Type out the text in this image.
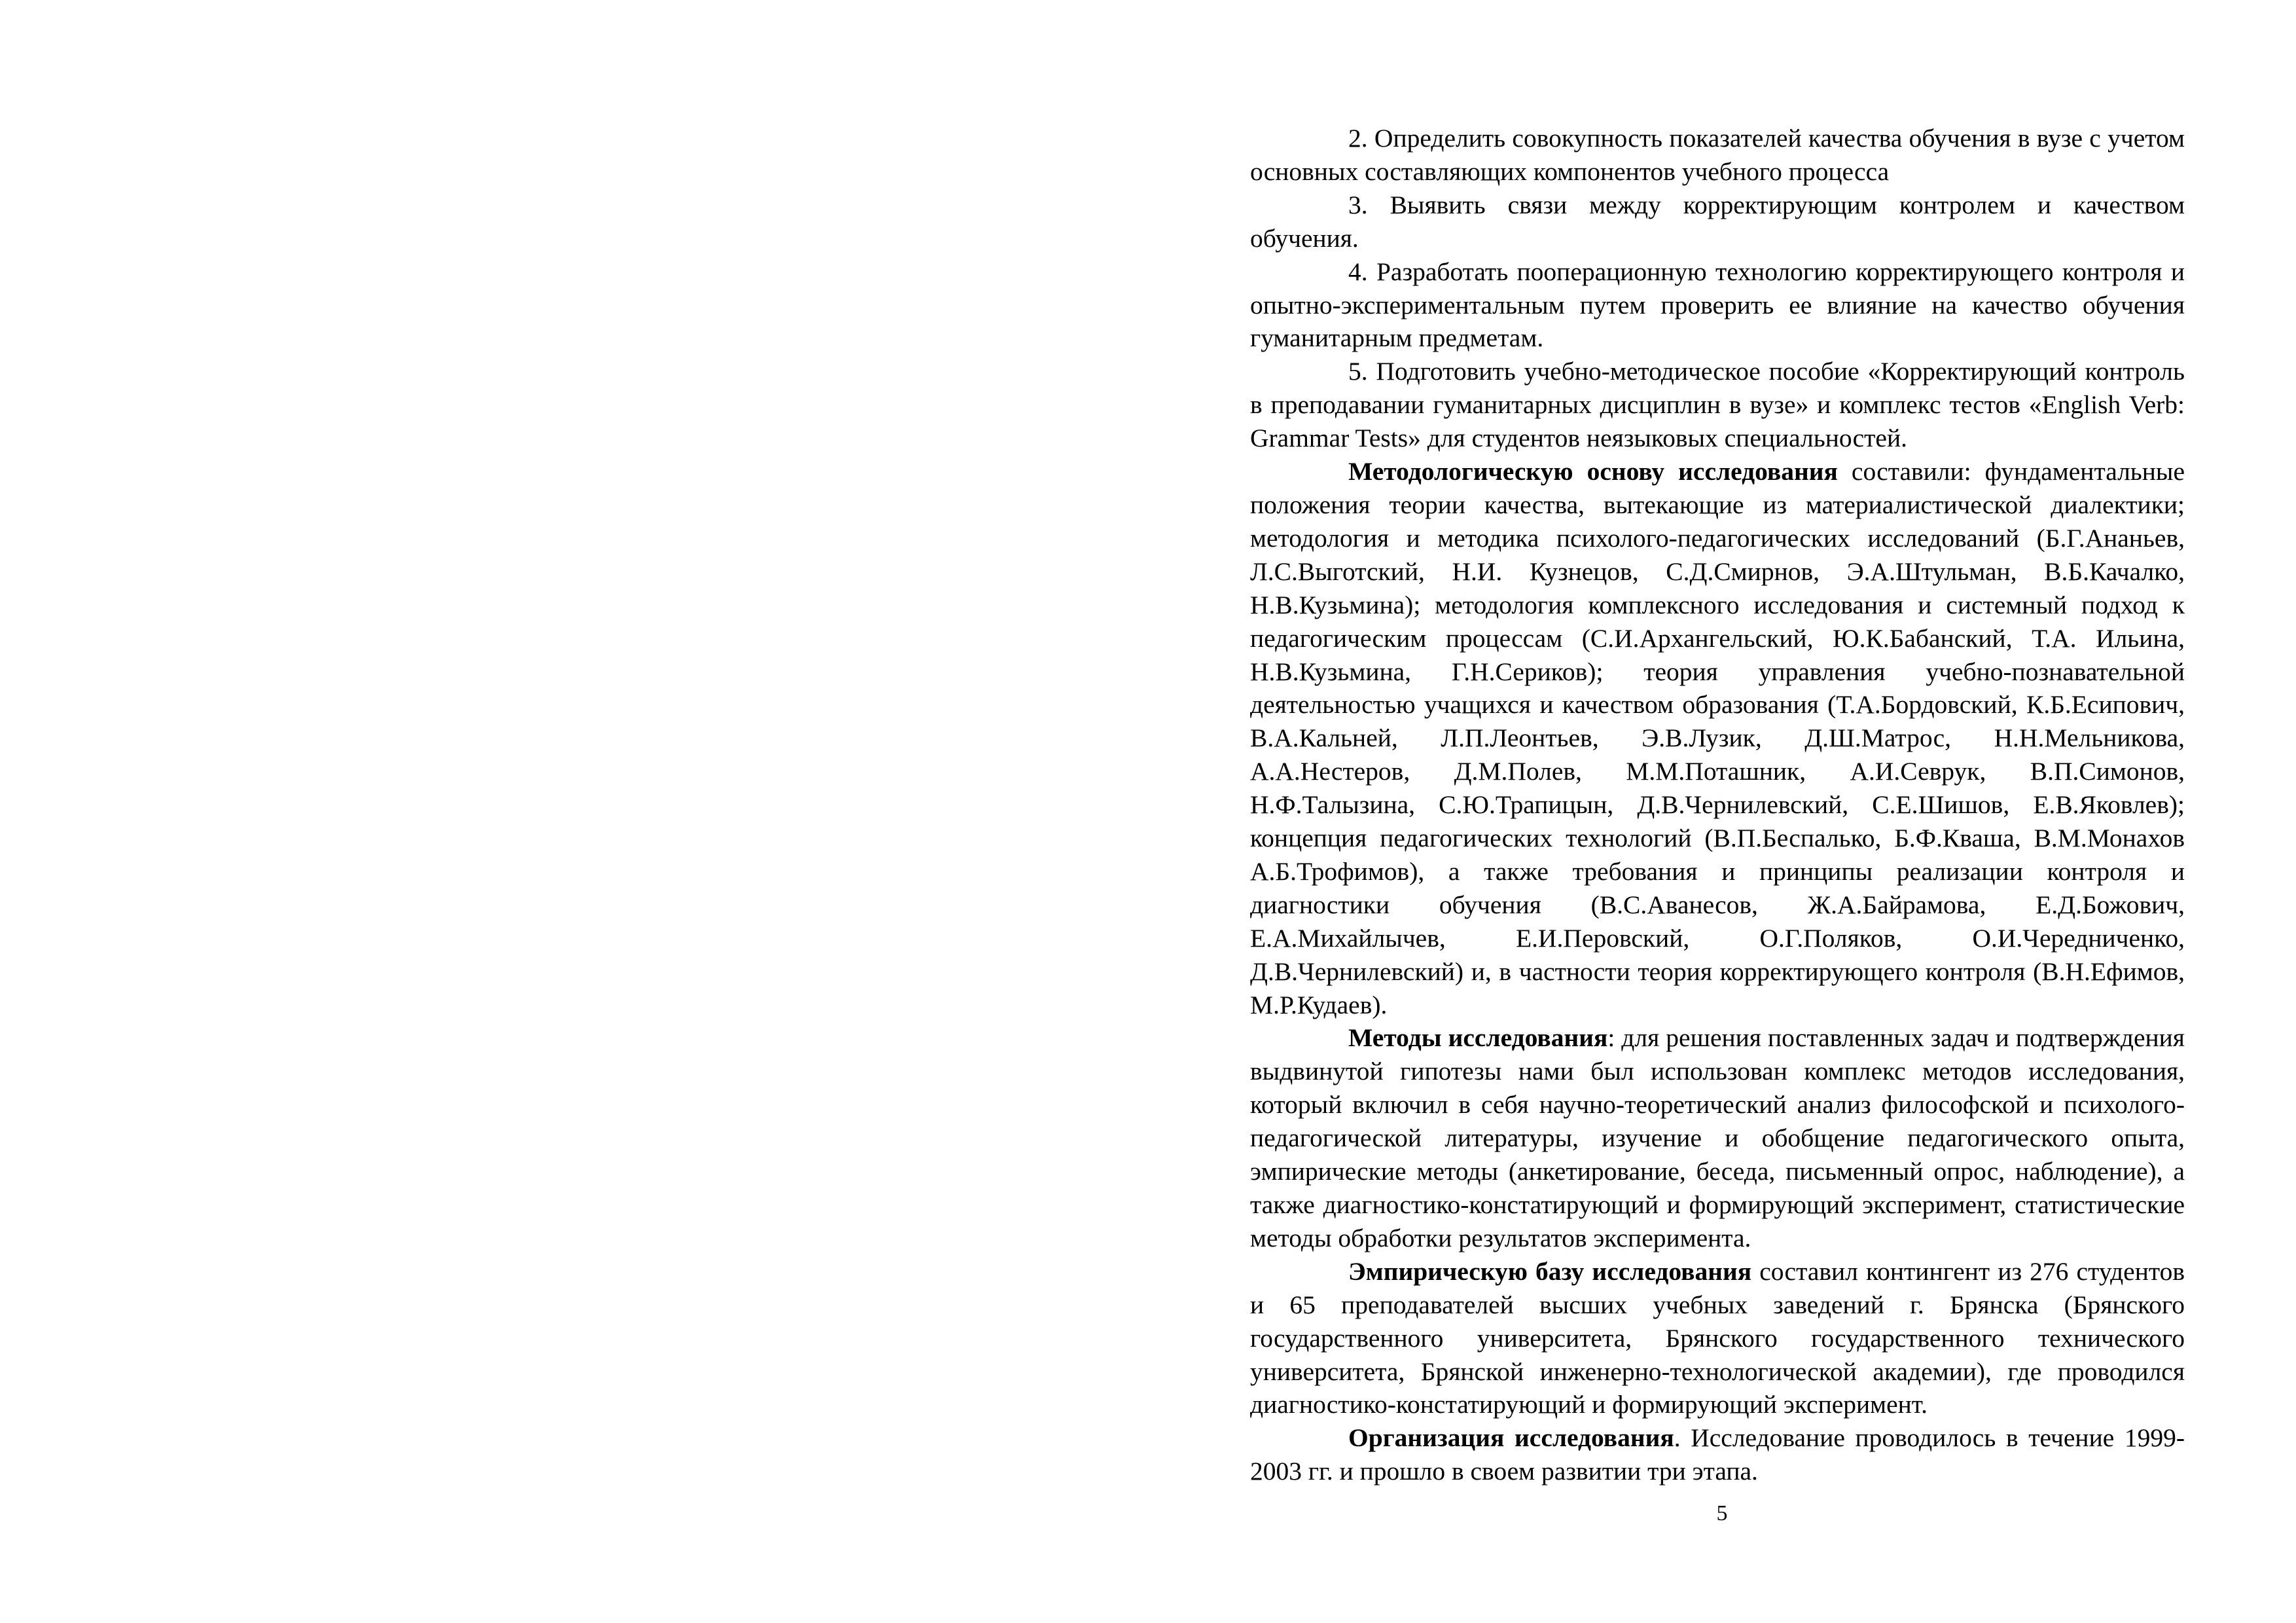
2. Определить совокупность показателей качества обучения в вузе с учетом основных составляющих компонентов учебного процесса

3. Выявить связи между корректирующим контролем и качеством обучения.

4. Разработать пооперационную технологию корректирующего контроля и опытно-экспериментальным путем проверить ее влияние на качество обучения гуманитарным предметам.

5. Подготовить учебно-методическое пособие «Корректирующий контроль в преподавании гуманитарных дисциплин в вузе» и комплекс тестов «English Verb: Grammar Tests» для студентов неязыковых специальностей.

Методологическую основу исследования составили: фундаментальные положения теории качества, вытекающие из материалистической диалектики; методология и методика психолого-педагогических исследований (Б.Г.Ананьев, Л.С.Выготский, Н.И. Кузнецов, С.Д.Смирнов, Э.А.Штульман, В.Б.Качалко, Н.В.Кузьмина); методология комплексного исследования и системный подход к педагогическим процессам (С.И.Архангельский, Ю.К.Бабанский, Т.А. Ильина, Н.В.Кузьмина, Г.Н.Сериков); теория управления учебно-познавательной деятельностью учащихся и качеством образования (Т.А.Бордовский, К.Б.Есипович, В.А.Кальней, Л.П.Леонтьев, Э.В.Лузик, Д.Ш.Матрос, Н.Н.Мельникова, А.А.Нестеров, Д.М.Полев, М.М.Поташник, А.И.Севрук, В.П.Симонов, Н.Ф.Талызина, С.Ю.Трапицын, Д.В.Чернилевский, С.Е.Шишов, Е.В.Яковлев); концепция педагогических технологий (В.П.Беспалько, Б.Ф.Кваша, В.М.Монахов А.Б.Трофимов), а также требования и принципы реализации контроля и диагностики обучения (В.С.Аванесов, Ж.А.Байрамова, Е.Д.Божович, Е.А.Михайлычев, Е.И.Перовский, О.Г.Поляков, О.И.Чередниченко, Д.В.Чернилевский) и, в частности теория корректирующего контроля (В.Н.Ефимов, М.Р.Кудаев).

Методы исследования: для решения поставленных задач и подтверждения выдвинутой гипотезы нами был использован комплекс методов исследования, который включил в себя научно-теоретический анализ философской и психолого-педагогической литературы, изучение и обобщение педагогического опыта, эмпирические методы (анкетирование, беседа, письменный опрос, наблюдение), а также диагностико-констатирующий и формирующий эксперимент, статистические методы обработки результатов эксперимента.

Эмпирическую базу исследования составил контингент из 276 студентов и 65 преподавателей высших учебных заведений г. Брянска (Брянского государственного университета, Брянского государственного технического университета, Брянской инженерно-технологической академии), где проводился диагностико-констатирующий и формирующий эксперимент.

Организация исследования. Исследование проводилось в течение 1999-2003 гг. и прошло в своем развитии три этапа.

5
